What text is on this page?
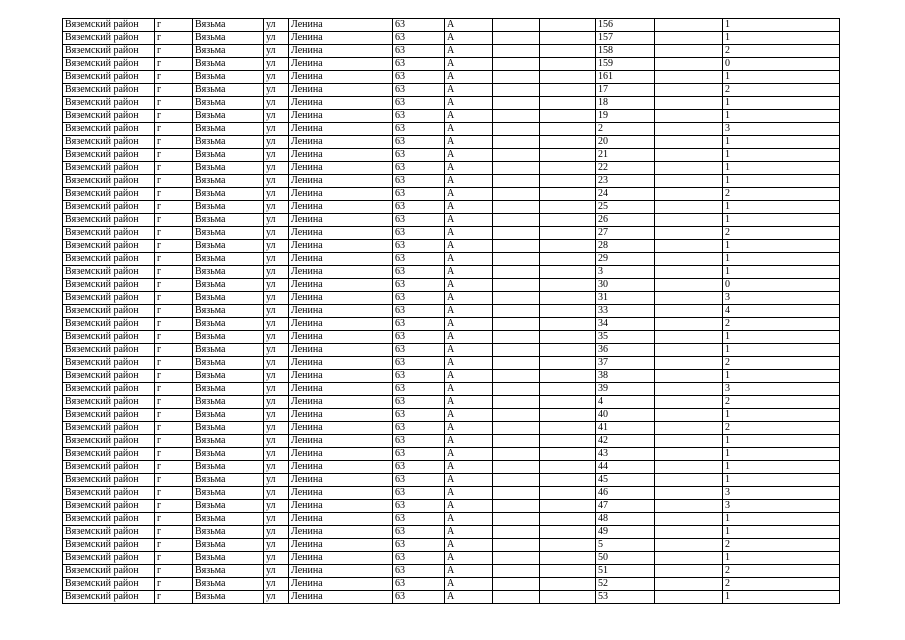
Вяземский район	г	Вязьма	ул	Ленина	63	А			156		1
Вяземский район	г	Вязьма	ул	Ленина	63	А			157		1
Вяземский район	г	Вязьма	ул	Ленина	63	А			158		2
Вяземский район	г	Вязьма	ул	Ленина	63	А			159		0
Вяземский район	г	Вязьма	ул	Ленина	63	А			161		1
Вяземский район	г	Вязьма	ул	Ленина	63	А			17		2
Вяземский район	г	Вязьма	ул	Ленина	63	А			18		1
Вяземский район	г	Вязьма	ул	Ленина	63	А			19		1
Вяземский район	г	Вязьма	ул	Ленина	63	А			2		3
Вяземский район	г	Вязьма	ул	Ленина	63	А			20		1
Вяземский район	г	Вязьма	ул	Ленина	63	А			21		1
Вяземский район	г	Вязьма	ул	Ленина	63	А			22		1
Вяземский район	г	Вязьма	ул	Ленина	63	А			23		1
Вяземский район	г	Вязьма	ул	Ленина	63	А			24		2
Вяземский район	г	Вязьма	ул	Ленина	63	А			25		1
Вяземский район	г	Вязьма	ул	Ленина	63	А			26		1
Вяземский район	г	Вязьма	ул	Ленина	63	А			27		2
Вяземский район	г	Вязьма	ул	Ленина	63	А			28		1
Вяземский район	г	Вязьма	ул	Ленина	63	А			29		1
Вяземский район	г	Вязьма	ул	Ленина	63	А			3		1
Вяземский район	г	Вязьма	ул	Ленина	63	А			30		0
Вяземский район	г	Вязьма	ул	Ленина	63	А			31		3
Вяземский район	г	Вязьма	ул	Ленина	63	А			33		4
Вяземский район	г	Вязьма	ул	Ленина	63	А			34		2
Вяземский район	г	Вязьма	ул	Ленина	63	А			35		1
Вяземский район	г	Вязьма	ул	Ленина	63	А			36		1
Вяземский район	г	Вязьма	ул	Ленина	63	А			37		2
Вяземский район	г	Вязьма	ул	Ленина	63	А			38		1
Вяземский район	г	Вязьма	ул	Ленина	63	А			39		3
Вяземский район	г	Вязьма	ул	Ленина	63	А			4		2
Вяземский район	г	Вязьма	ул	Ленина	63	А			40		1
Вяземский район	г	Вязьма	ул	Ленина	63	А			41		2
Вяземский район	г	Вязьма	ул	Ленина	63	А			42		1
Вяземский район	г	Вязьма	ул	Ленина	63	А			43		1
Вяземский район	г	Вязьма	ул	Ленина	63	А			44		1
Вяземский район	г	Вязьма	ул	Ленина	63	А			45		1
Вяземский район	г	Вязьма	ул	Ленина	63	А			46		3
Вяземский район	г	Вязьма	ул	Ленина	63	А			47		3
Вяземский район	г	Вязьма	ул	Ленина	63	А			48		1
Вяземский район	г	Вязьма	ул	Ленина	63	А			49		1
Вяземский район	г	Вязьма	ул	Ленина	63	А			5		2
Вяземский район	г	Вязьма	ул	Ленина	63	А			50		1
Вяземский район	г	Вязьма	ул	Ленина	63	А			51		2
Вяземский район	г	Вязьма	ул	Ленина	63	А			52		2
Вяземский район	г	Вязьма	ул	Ленина	63	А			53		1
